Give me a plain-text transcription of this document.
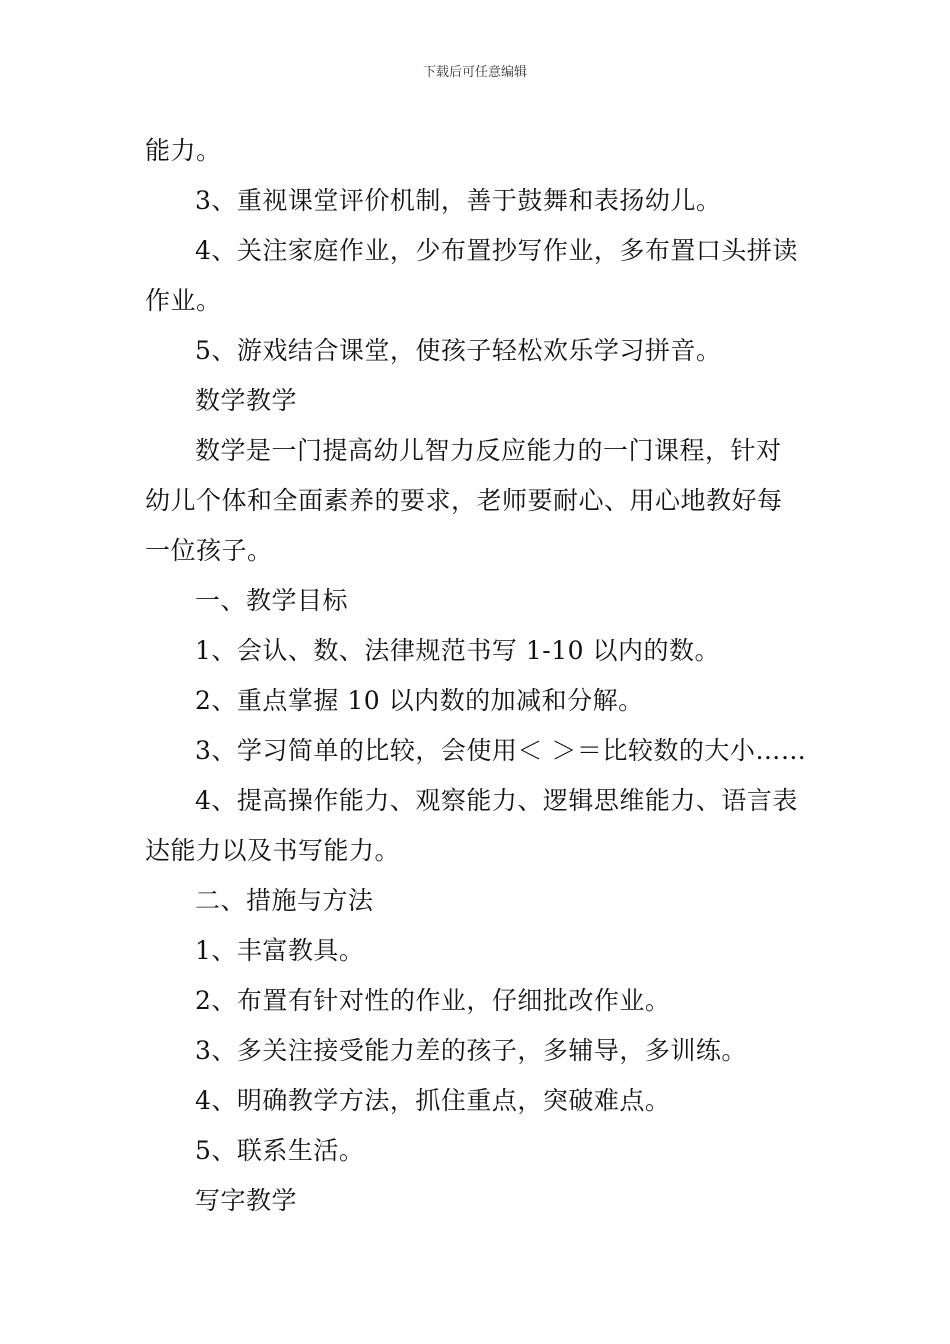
下载后可任意编辑

能力。

3、重视课堂评价机制，善于鼓舞和表扬幼儿。

4、关注家庭作业，少布置抄写作业，多布置口头拼读

作业。

5、游戏结合课堂，使孩子轻松欢乐学习拼音。

数学教学

数学是一门提高幼儿智力反应能力的一门课程，针对

幼儿个体和全面素养的要求，老师要耐心、用心地教好每

一位孩子。

一、教学目标

1、会认、数、法律规范书写 1-10 以内的数。

2、重点掌握 10 以内数的加减和分解。

3、学习简单的比较，会使用＜ ＞＝比较数的大小……

4、提高操作能力、观察能力、逻辑思维能力、语言表

达能力以及书写能力。

二、措施与方法

1、丰富教具。

2、布置有针对性的作业，仔细批改作业。

3、多关注接受能力差的孩子，多辅导，多训练。

4、明确教学方法，抓住重点，突破难点。

5、联系生活。

写字教学
